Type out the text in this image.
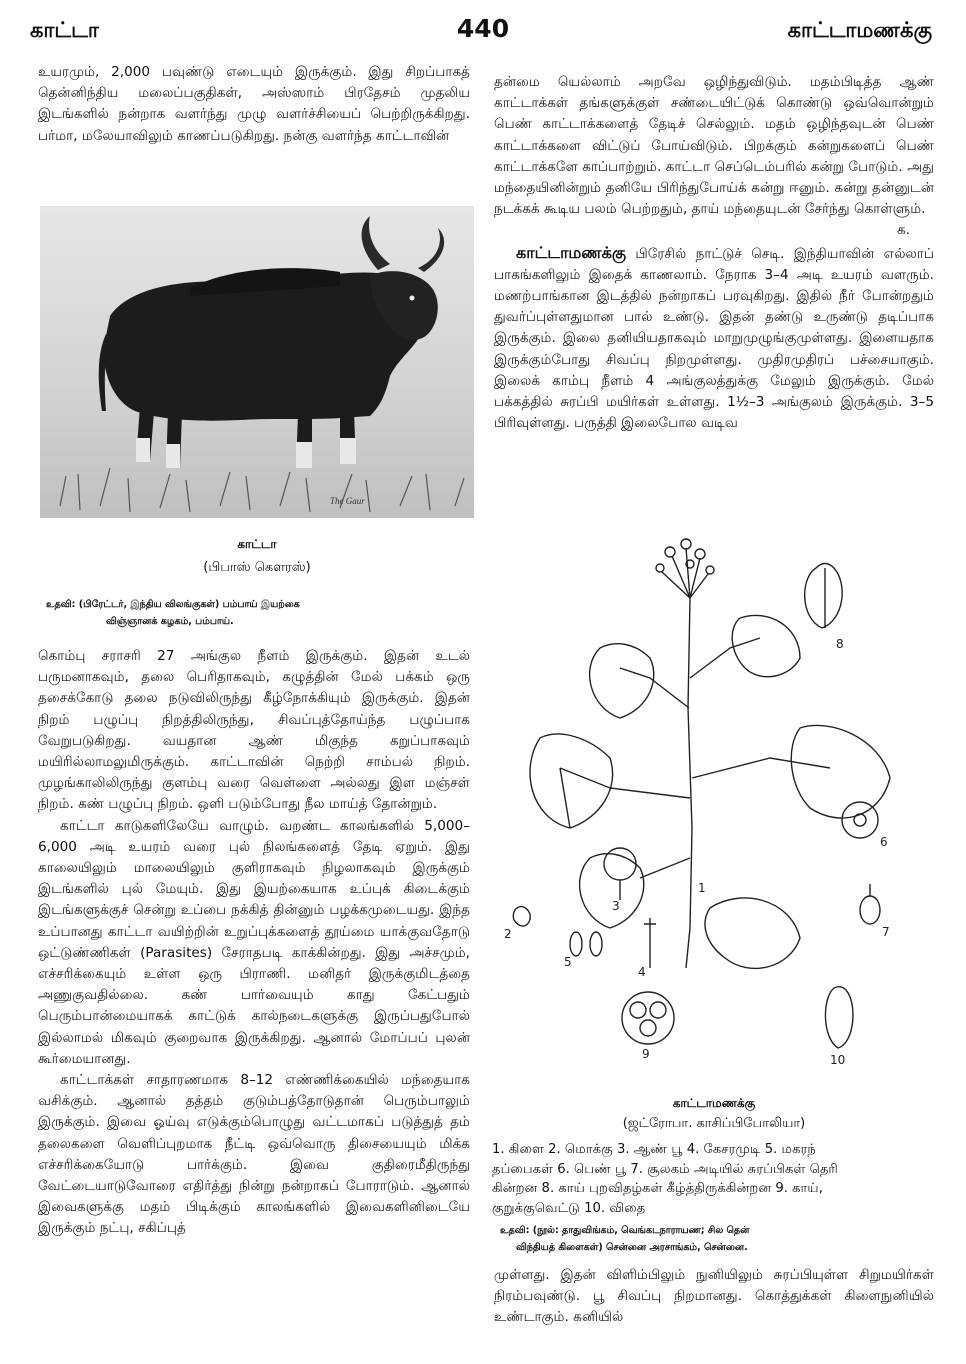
காட்டா	440	காட்டாமணக்கு

உயரமும், 2,000 பவுண்டு எடையும் இருக்கும். இது சிறப்பாகத் தென்னிந்திய மலைப்பகுதிகள், அஸ்ஸாம் பிரதேசம் முதலிய இடங்களில் நன்றாக வளர்ந்து முழு வளர்ச்சியைப் பெற்றிருக்கிறது. பர்மா, மலேயாவிலும் காணப்படுகிறது. நன்கு வளர்ந்த காட்டாவின்

The Gaur
காட்டா
(பிபாஸ் கௌரஸ்)
உதவி: (பிரேட்டர், இந்திய விலங்குகள்) பம்பாய் இயற்கை
விஞ்ஞானக் கழகம், பம்பாய்.

கொம்பு சராசரி 27 அங்குல நீளம் இருக்கும். இதன் உடல் பருமனாகவும், தலை பெரிதாகவும், கழுத்தின் மேல் பக்கம் ஒரு தசைக்கோடு தலை நடுவிலிருந்து கீழ்நோக்கியும் இருக்கும். இதன் நிறம் பழுப்பு நிறத்திலிருந்து, சிவப்புத்தோய்ந்த பழுப்பாக வேறுபடுகிறது. வயதான ஆண் மிகுந்த கறுப்பாகவும் மயிரில்லாமலுமிருக்கும். காட்டாவின் நெற்றி சாம்பல் நிறம். முழங்காலிலிருந்து குளம்பு வரை வெள்ளை அல்லது இள மஞ்சள் நிறம். கண் பழுப்பு நிறம். ஒளி படும்போது நீல மாய்த் தோன்றும்.

காட்டா காடுகளிலேயே வாழும். வறண்ட காலங்களில் 5,000–6,000 அடி உயரம் வரை புல் நிலங்களைத் தேடி ஏறும். இது காலையிலும் மாலையிலும் குளிராகவும் நிழலாகவும் இருக்கும் இடங்களில் புல் மேயும். இது இயற்கையாக உப்புக் கிடைக்கும் இடங்களுக்குச் சென்று உப்பை நக்கித் தின்னும் பழக்கமுடையது. இந்த உப்பானது காட்டா வயிற்றின் உறுப்புக்களைத் தூய்மை யாக்குவதோடு ஒட்டுண்ணிகள் (Parasites) சேராதபடி காக்கின்றது. இது அச்சமும், எச்சரிக்கையும் உள்ள ஒரு பிராணி. மனிதர் இருக்குமிடத்தை அணுகுவதில்லை. கண் பார்வையும் காது கேட்பதும் பெரும்பான்மையாகக் காட்டுக் கால்நடைகளுக்கு இருப்பதுபோல் இல்லாமல் மிகவும் குறைவாக இருக்கிறது. ஆனால் மோப்பப் புலன் கூர்மையானது.

காட்டாக்கள் சாதாரணமாக 8–12 எண்ணிக்கையில் மந்தையாக வசிக்கும். ஆனால் தத்தம் குடும்பத்தோடுதான் பெரும்பாலும் இருக்கும். இவை ஓய்வு எடுக்கும்பொழுது வட்டமாகப் படுத்துத் தம் தலைகளை வெளிப்புறமாக நீட்டி ஒவ்வொரு திசையையும் மிக்க எச்சரிக்கையோடு பார்க்கும். இவை குதிரைமீதிருந்து வேட்டையாடுவோரை எதிர்த்து நின்று நன்றாகப் போராடும். ஆனால் இவைகளுக்கு மதம் பிடிக்கும் காலங்களில் இவைகளினிடையே இருக்கும் நட்பு, சகிப்புத்

தன்மை யெல்லாம் அறவே ஒழிந்துவிடும். மதம்பிடித்த ஆண் காட்டாக்கள் தங்களுக்குள் சண்டையிட்டுக் கொண்டு ஒவ்வொன்றும் பெண் காட்டாக்களைத் தேடிச் செல்லும். மதம் ஒழிந்தவுடன் பெண் காட்டாக்களை விட்டுப் போய்விடும். பிறக்கும் கன்றுகளைப் பெண் காட்டாக்களே காப்பாற்றும். காட்டா செப்டெம்பரில் கன்று போடும். அது மந்தையினின்றும் தனியே பிரிந்துபோய்க் கன்று ஈனும். கன்று தன்னுடன் நடக்கக் கூடிய பலம் பெற்றதும், தாய் மந்தையுடன் சேர்ந்து கொள்ளும்.

க.

காட்டாமணக்கு பிரேசில் நாட்டுச் செடி. இந்தியாவின் எல்லாப் பாகங்களிலும் இதைக் காணலாம். நேராக 3–4 அடி உயரம் வளரும். மணற்பாங்கான இடத்தில் நன்றாகப் பரவுகிறது. இதில் நீர் போன்றதும் துவர்ப்புள்ளதுமான பால் உண்டு. இதன் தண்டு உருண்டு தடிப்பாக இருக்கும். இலை தனியியதாகவும் மாறுமுழுங்குமுள்ளது. இளையதாக இருக்கும்போது சிவப்பு நிறமுள்ளது. முதிரமுதிரப் பச்சையாகும். இலைக் காம்பு நீளம் 4 அங்குலத்துக்கு மேலும் இருக்கும். மேல் பக்கத்தில் சுரப்பி மயிர்கள் உள்ளது. 1½–3 அங்குலம் இருக்கும். 3–5 பிரிவுள்ளது. பருத்தி இலைபோல வடிவ

1
2
3
4
5
6
7
8
9	10
காட்டாமணக்கு
(ஜட்ரோபா. காசிப்பிபோலியா)
1. கிளை 2. மொக்கு 3. ஆண் பூ 4. கேசரமுடி 5. மகரந்
தப்பைகள் 6. பெண் பூ 7. சூலகம் அடியில் சுரப்பிகள் தெரி
கின்றன 8. காய் புறவிதழ்கள் கீழ்த்திருக்கின்றன 9. காய்,
குறுக்குவெட்டு 10. விதை
உதவி: (நூல்: தாதுவிங்கம், வெங்கடநாராயண; சில தென்
விந்தியத் கிளைகள்) சென்னை அரசாங்கம், சென்னை.

முள்ளது. இதன் விளிம்பிலும் நுனியிலும் சுரப்பியுள்ள சிறுமயிர்கள் நிரம்பவுண்டு. பூ சிவப்பு நிறமானது. கொத்துக்கள் கிளைநுனியில் உண்டாகும். கனியில்
